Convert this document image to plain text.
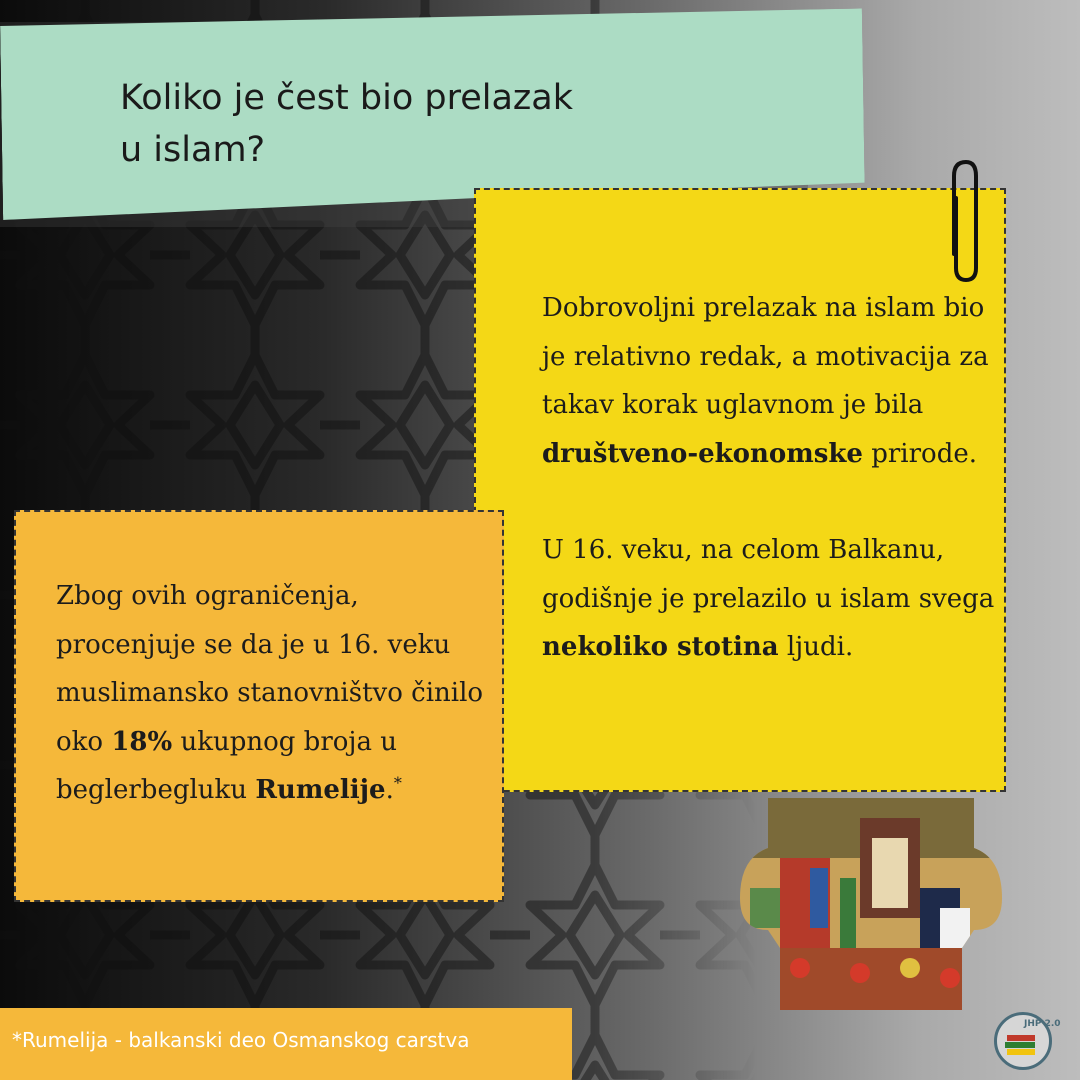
Koliko je čest bio prelazak
u islam?

Dobrovoljni prelazak na islam bio je relativno redak, a motivacija za takav korak uglavnom je bila društveno-ekonomske prirode.

U 16. veku, na celom Balkanu, godišnje je prelazilo u islam svega nekoliko stotina ljudi.

Zbog ovih ograničenja, procenjuje se da je u 16. veku muslimansko stanovništvo činilo oko 18% ukupnog broja u beglerbegluku Rumelije.*
*Rumelija - balkanski deo Osmanskog carstva
JHP 2.0
